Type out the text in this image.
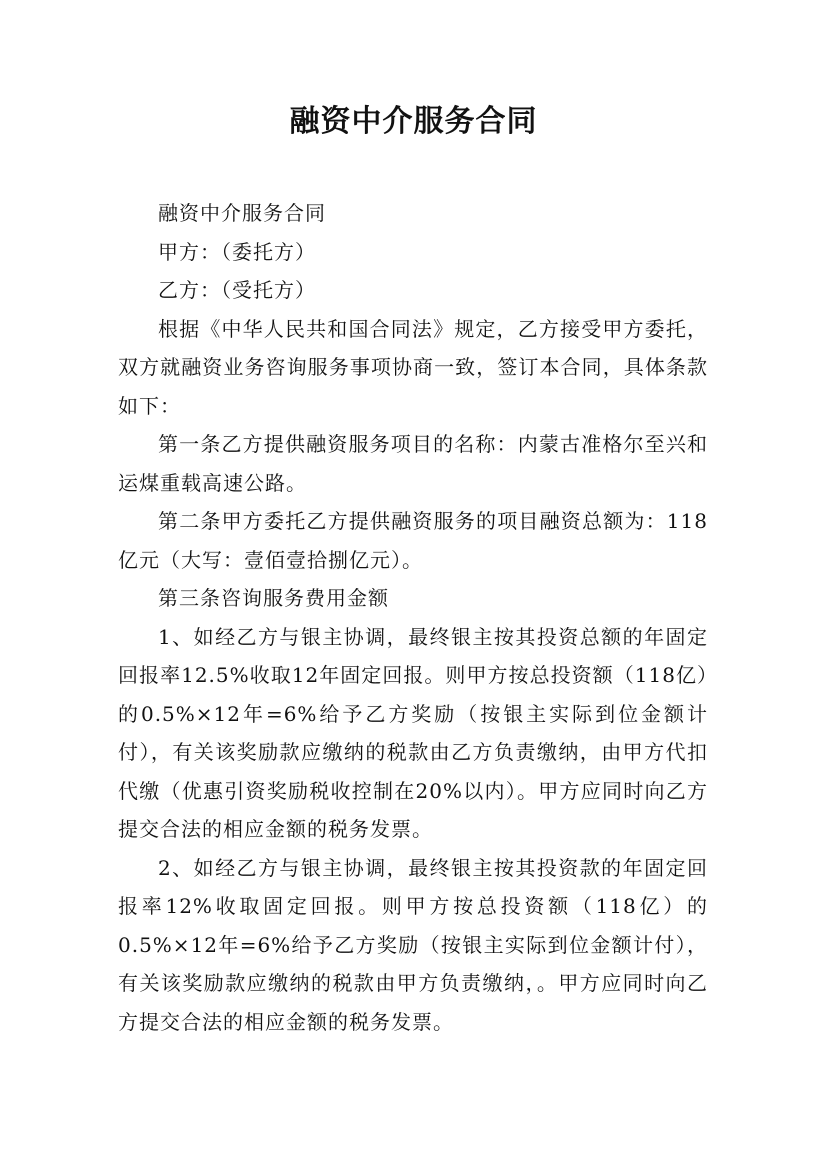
融资中介服务合同

融资中介服务合同

甲方：（委托方）

乙方：（受托方）

根据《中华人民共和国合同法》规定，乙方接受甲方委托，双方就融资业务咨询服务事项协商一致，签订本合同，具体条款如下：

第一条乙方提供融资服务项目的名称：内蒙古准格尔至兴和运煤重载高速公路。

第二条甲方委托乙方提供融资服务的项目融资总额为：118亿元（大写：壹佰壹拾捌亿元）。

第三条咨询服务费用金额

1、如经乙方与银主协调，最终银主按其投资总额的年固定回报率12.5%收取12年固定回报。则甲方按总投资额（118亿）的0.5%×12年=6%给予乙方奖励（按银主实际到位金额计付），有关该奖励款应缴纳的税款由乙方负责缴纳，由甲方代扣代缴（优惠引资奖励税收控制在20%以内）。甲方应同时向乙方提交合法的相应金额的税务发票。

2、如经乙方与银主协调，最终银主按其投资款的年固定回报率12%收取固定回报。则甲方按总投资额（118亿）的0.5%×12年=6%给予乙方奖励（按银主实际到位金额计付），有关该奖励款应缴纳的税款由甲方负责缴纳，。甲方应同时向乙方提交合法的相应金额的税务发票。
